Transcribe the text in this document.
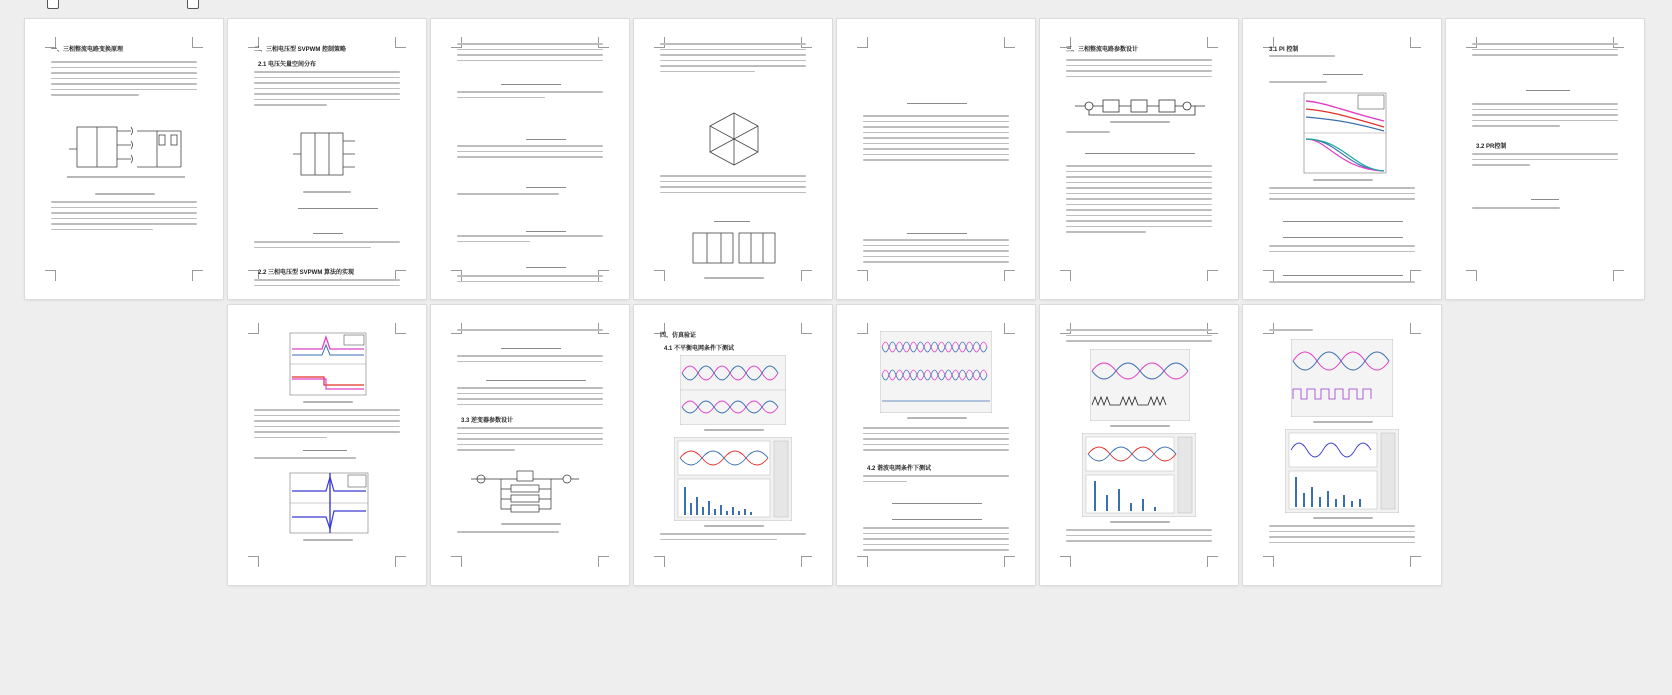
一、三相整流电路变换原理	二、三相电压型 SVPWM 控制策略
2.1 电压矢量空间分布
2.2 三相电压型 SVPWM 算法的实现
三、三相整流电路参数设计	3.1 PI 控制
3.2 PR控制
3.3 逆变器参数设计
四、仿真验证
4.1 不平衡电网条件下测试
4.2 谐波电网条件下测试
